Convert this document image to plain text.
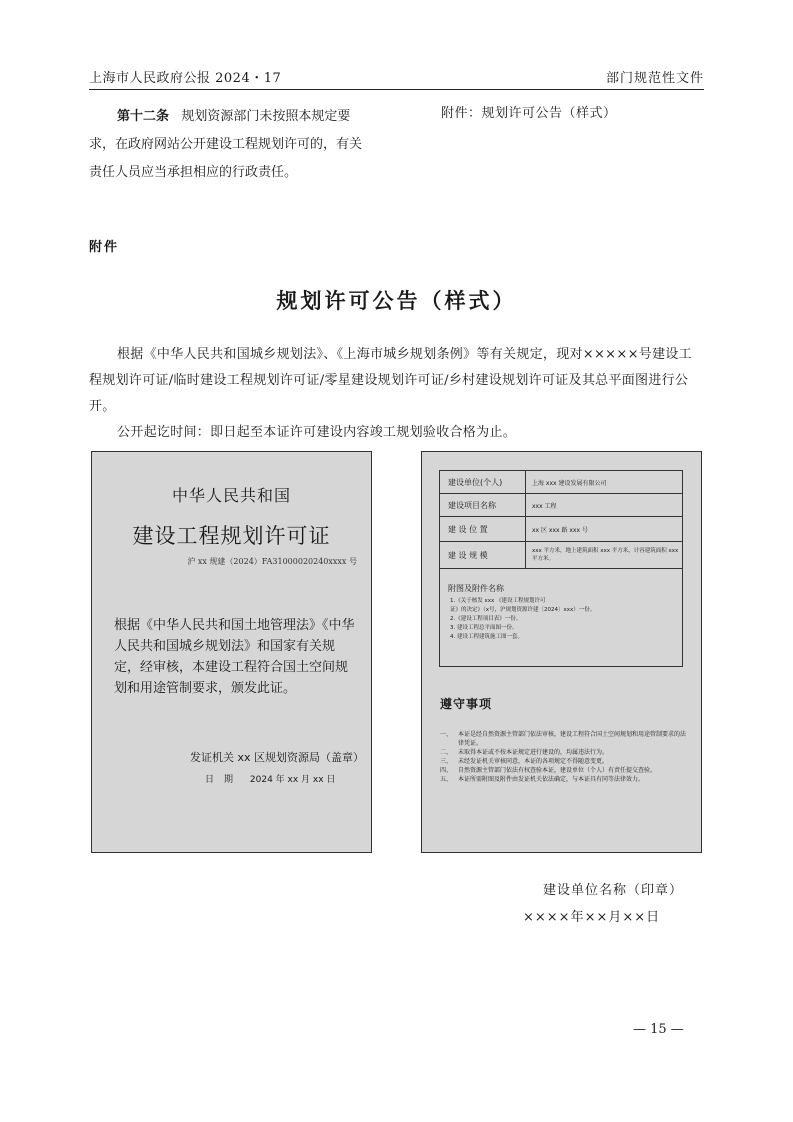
上海市人民政府公报 2024・17	部门规范性文件
第十二条 规划资源部门未按照本规定要
求，在政府网站公开建设工程规划许可的，有关
责任人员应当承担相应的行政责任。
附件：规划许可公告（样式）
附件
规划许可公告（样式）

根据《中华人民共和国城乡规划法》、《上海市城乡规划条例》等有关规定，现对×××××号建设工程规划许可证/临时建设工程规划许可证/零星建设规划许可证/乡村建设规划许可证及其总平面图进行公开。

公开起讫时间：即日起至本证许可建设内容竣工规划验收合格为止。

中华人民共和国
建设工程规划许可证
沪 xx 规建（2024）FA31000020240xxxx 号
根据《中华人民共和国土地管理法》《中华人民共和国城乡规划法》和国家有关规定，经审核，本建设工程符合国土空间规划和用途管制要求，颁发此证。
发证机关 xx 区规划资源局（盖章）
日期 2024 年 xx 月 xx 日
建设单位(个人)	上海 xxx 建设发展有限公司
建设项目名称	xxx 工程
建 设 位 置	xx 区 xxx 路 xxx 号
建 设 规 模	xxx 平方米，地上建筑面积 xxx 平方米，计容建筑面积 xxx 平方米。
附图及附件名称
1.《关于核发 xxx 《建设工程规划许可
证》的决定》（x号，沪规划资源许建〔2024〕xxx）一份。
2.《建设工程项目表》一份。
3. 建设工程总平面图一份。
4. 建设工程建筑施工图一套。
遵守事项
一、 本证是经自然资源主管部门依法审核，建设工程符合国土空间规划和用途管制要求的法律凭证。
二、 未取得本证或不按本证规定进行建设的，均属违法行为。
三、 未经发证机关审核同意，本证的各项规定不得随意变更。
四、 自然资源主管部门依法有权查验本证，建设单位（个人）有责任提交查验。
五、 本证所需附图及附件由发证机关依法确定，与本证具有同等法律效力。
建设单位名称（印章）
××××年××月××日
— 15 —
